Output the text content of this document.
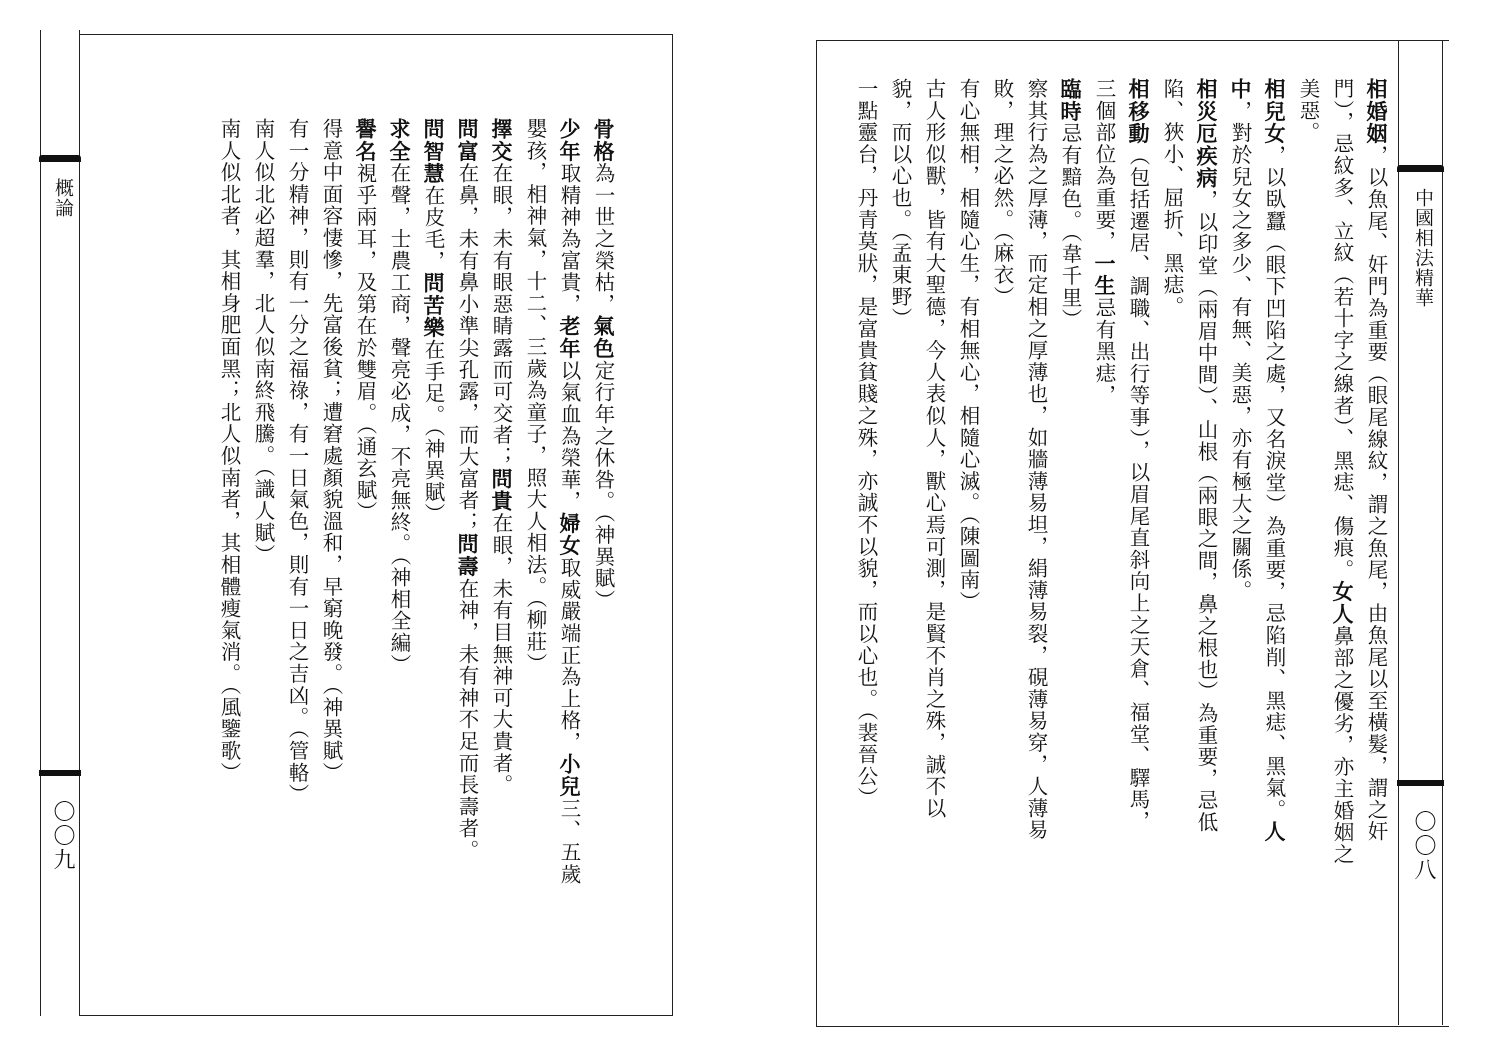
概論
〇〇九
骨格為一世之榮枯，氣色定行年之休咎。（神異賦）
少年取精神為富貴，老年以氣血為榮華，婦女取威嚴端正為上格，小兒三、五歲
嬰孩，相神氣，十二、三歲為童子，照大人相法。（柳莊）
擇交在眼，未有眼惡睛露而可交者；問貴在眼，未有目無神可大貴者。
問富在鼻，未有鼻小準尖孔露，而大富者；問壽在神，未有神不足而長壽者。
問智慧在皮毛，問苦樂在手足。（神異賦）
求全在聲，士農工商，聲亮必成，不亮無終。（神相全編）
譽名視乎兩耳，及第在於雙眉。（通玄賦）
得意中面容悽慘，先富後貧；遭窘處顏貌溫和，早窮晚發。（神異賦）
有一分精神，則有一分之福祿，有一日氣色，則有一日之吉凶。（管輅）
南人似北必超羣，北人似南終飛騰。（識人賦）
南人似北者，其相身肥面黑；北人似南者，其相體瘦氣消。（風鑒歌）	中國相法精華
〇〇八
相婚姻，以魚尾、奸門為重要（眼尾線紋，謂之魚尾，由魚尾以至橫髮，謂之奸
門），忌紋多、立紋（若十字之線者）、黑痣、傷痕。女人鼻部之優劣，亦主婚姻之
美惡。
相兒女，以臥蠶（眼下凹陷之處，又名淚堂）為重要，忌陷削、黑痣、黑氣。人
中，對於兒女之多少、有無、美惡，亦有極大之關係。
相災厄疾病，以印堂（兩眉中間）、山根（兩眼之間，鼻之根也）為重要，忌低
陷、狹小、屈折、黑痣。
相移動（包括遷居、調職、出行等事），以眉尾直斜向上之天倉、福堂、驛馬，
三個部位為重要，一生忌有黑痣，
臨時忌有黯色。（韋千里）
察其行為之厚薄，而定相之厚薄也，如牆薄易坦，絹薄易裂，硯薄易穿，人薄易
敗，理之必然。（麻衣）
有心無相，相隨心生，有相無心，相隨心滅。（陳圖南）
古人形似獸，皆有大聖德，今人表似人，獸心焉可測，是賢不肖之殊，誠不以
貌，而以心也。（孟東野）
一點靈台，丹青莫狀，是富貴貧賤之殊，亦誠不以貌，而以心也。（裴晉公）
